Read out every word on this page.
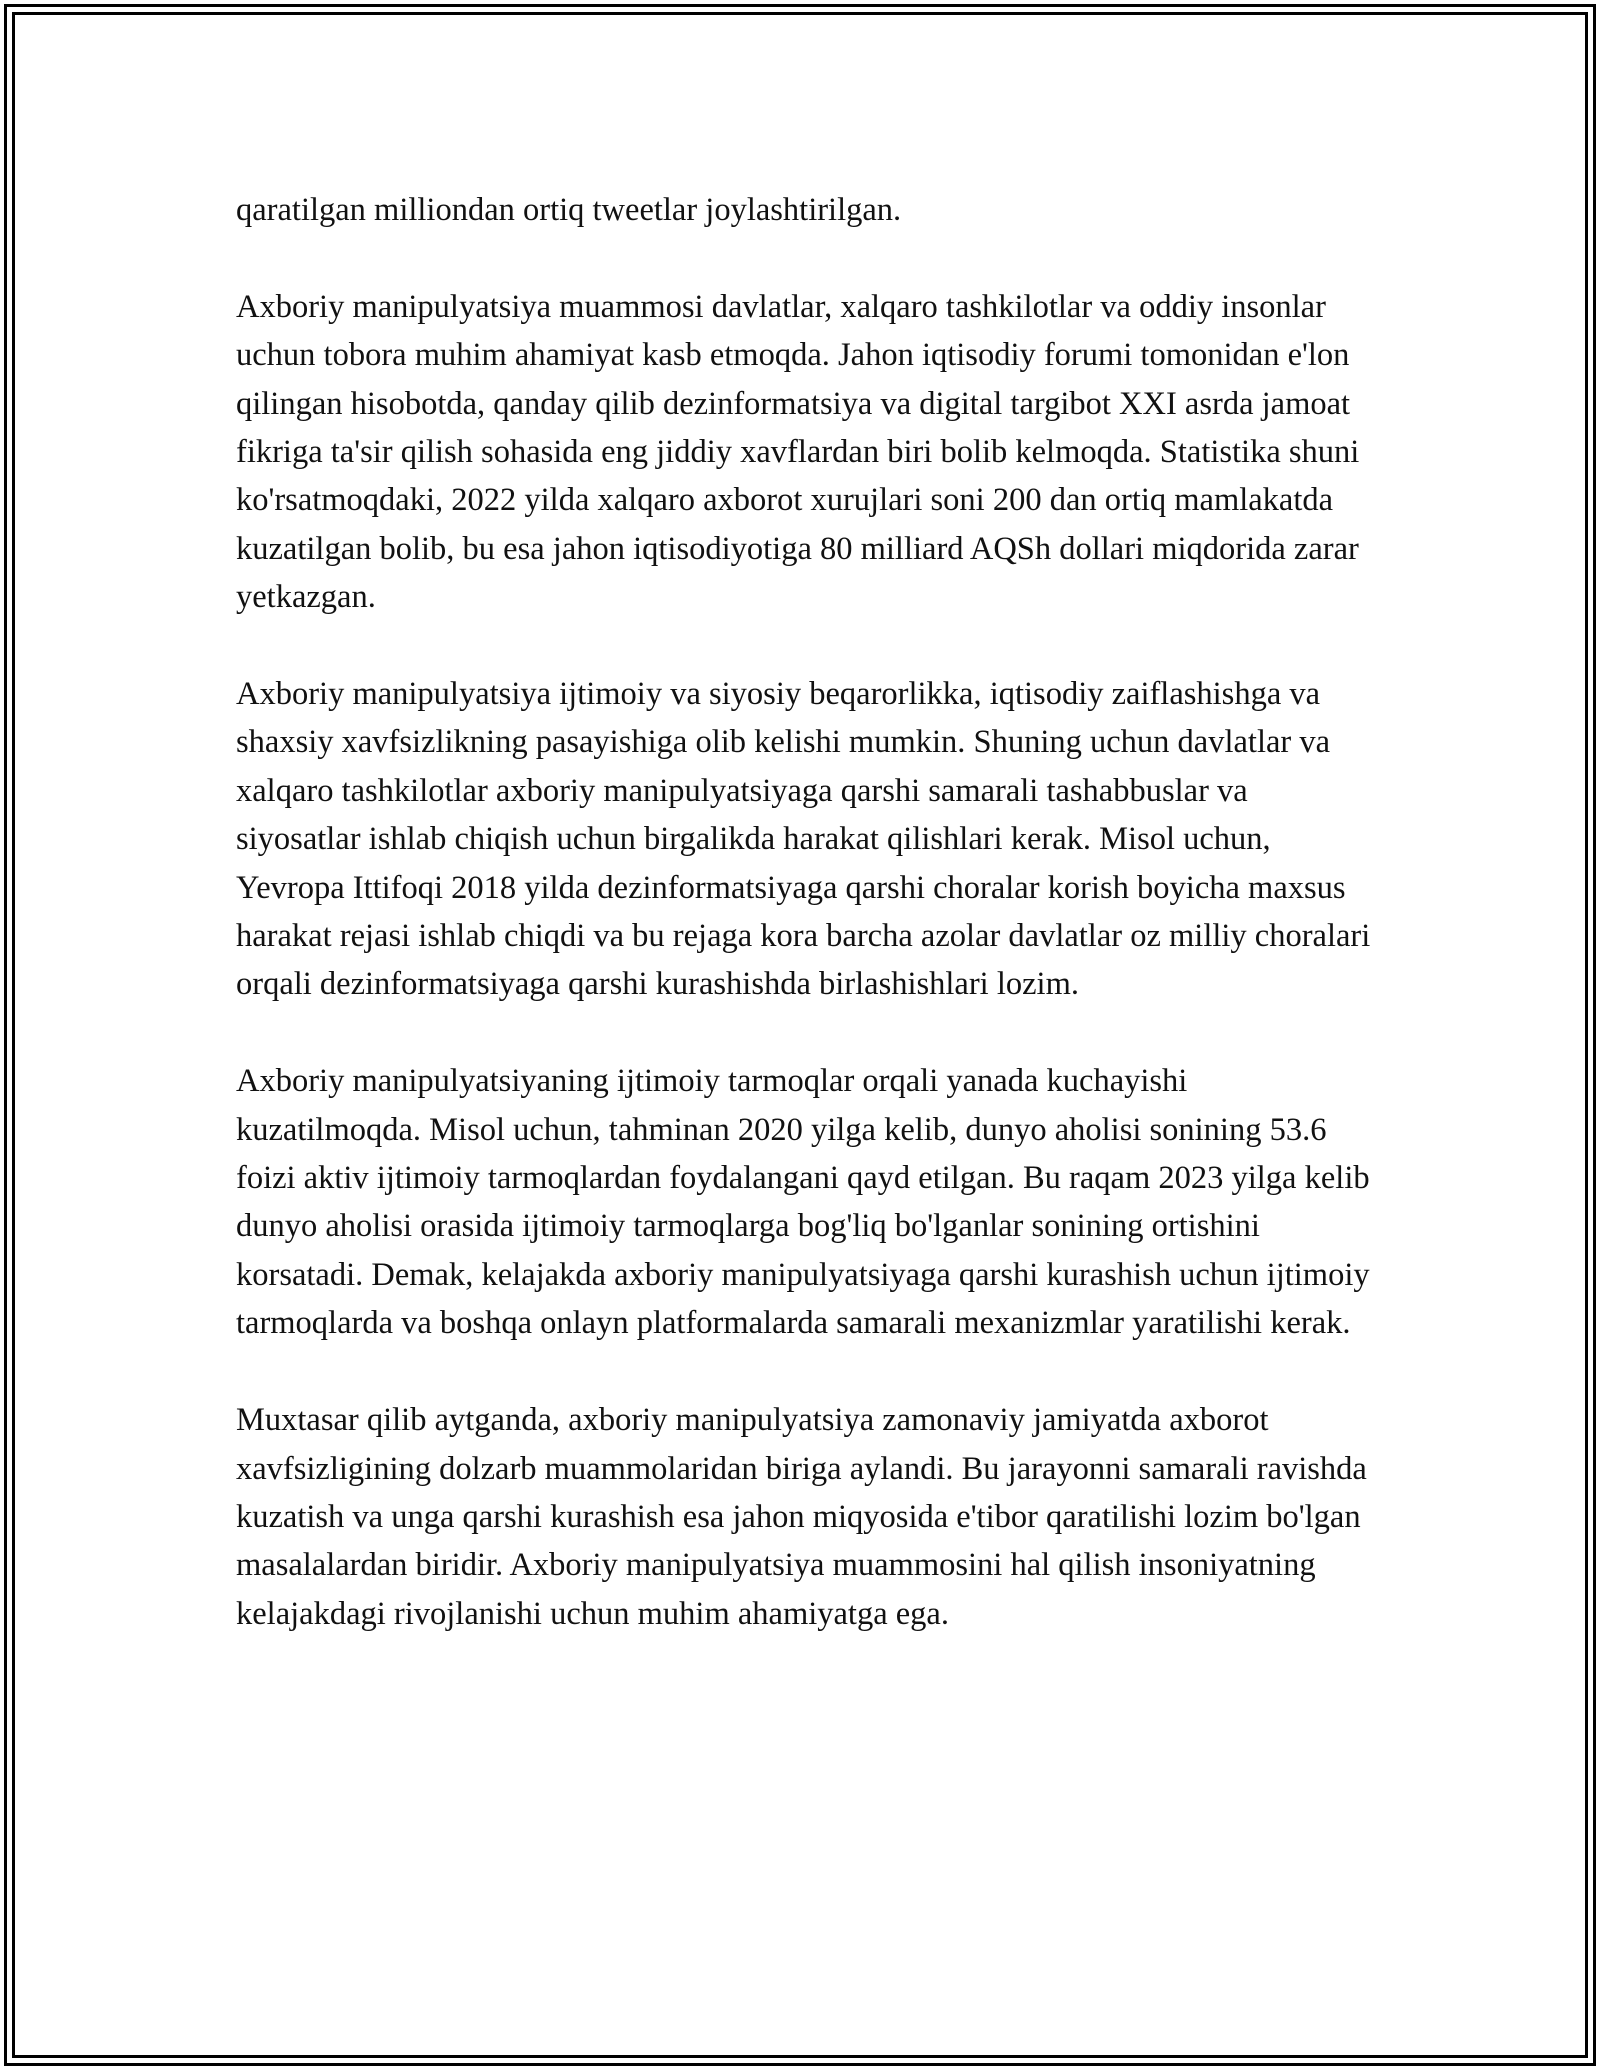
qaratilgan milliondan ortiq tweetlar joylashtirilgan.

Axboriy manipulyatsiya muammosi davlatlar, xalqaro tashkilotlar va oddiy insonlar uchun tobora muhim ahamiyat kasb etmoqda. Jahon iqtisodiy forumi tomonidan e'lon qilingan hisobotda, qanday qilib dezinformatsiya va digital targibot XXI asrda jamoat fikriga ta'sir qilish sohasida eng jiddiy xavflardan biri bolib kelmoqda. Statistika shuni ko'rsatmoqdaki, 2022 yilda xalqaro axborot xurujlari soni 200 dan ortiq mamlakatda kuzatilgan bolib, bu esa jahon iqtisodiyotiga 80 milliard AQSh dollari miqdorida zarar yetkazgan.

Axboriy manipulyatsiya ijtimoiy va siyosiy beqarorlikka, iqtisodiy zaiflashishga va shaxsiy xavfsizlikning pasayishiga olib kelishi mumkin. Shuning uchun davlatlar va xalqaro tashkilotlar axboriy manipulyatsiyaga qarshi samarali tashabbuslar va siyosatlar ishlab chiqish uchun birgalikda harakat qilishlari kerak. Misol uchun, Yevropa Ittifoqi 2018 yilda dezinformatsiyaga qarshi choralar korish boyicha maxsus harakat rejasi ishlab chiqdi va bu rejaga kora barcha azolar davlatlar oz milliy choralari orqali dezinformatsiyaga qarshi kurashishda birlashishlari lozim.

Axboriy manipulyatsiyaning ijtimoiy tarmoqlar orqali yanada kuchayishi kuzatilmoqda. Misol uchun, tahminan 2020 yilga kelib, dunyo aholisi sonining 53.6 foizi aktiv ijtimoiy tarmoqlardan foydalangani qayd etilgan. Bu raqam 2023 yilga kelib dunyo aholisi orasida ijtimoiy tarmoqlarga bog'liq bo'lganlar sonining ortishini korsatadi. Demak, kelajakda axboriy manipulyatsiyaga qarshi kurashish uchun ijtimoiy tarmoqlarda va boshqa onlayn platformalarda samarali mexanizmlar yaratilishi kerak.

Muxtasar qilib aytganda, axboriy manipulyatsiya zamonaviy jamiyatda axborot xavfsizligining dolzarb muammolaridan biriga aylandi. Bu jarayonni samarali ravishda kuzatish va unga qarshi kurashish esa jahon miqyosida e'tibor qaratilishi lozim bo'lgan masalalardan biridir. Axboriy manipulyatsiya muammosini hal qilish insoniyatning kelajakdagi rivojlanishi uchun muhim ahamiyatga ega.
